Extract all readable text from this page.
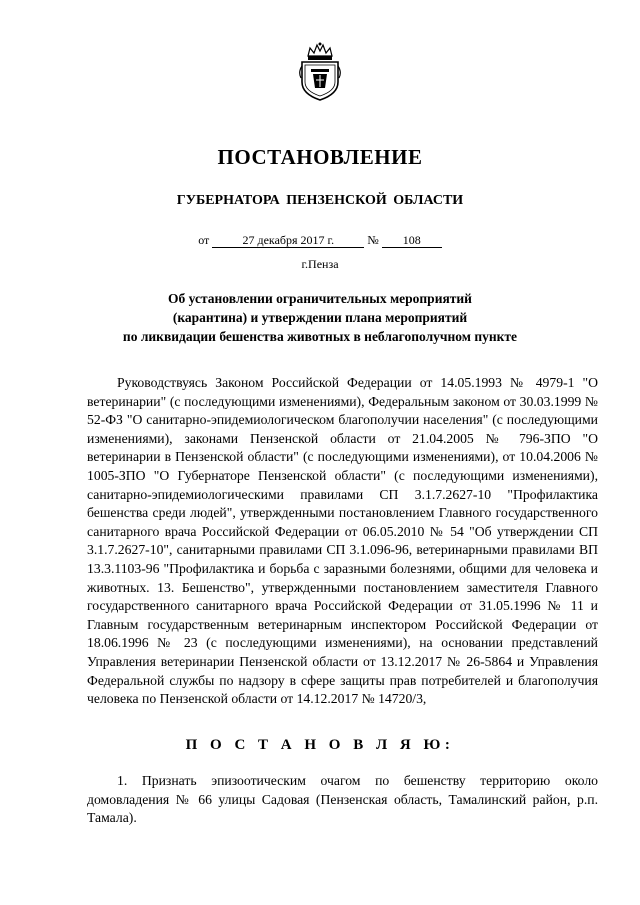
ПОСТАНОВЛЕНИЕ
ГУБЕРНАТОРА ПЕНЗЕНСКОЙ ОБЛАСТИ
от	27 декабря 2017 г.	№ 108
г.Пенза
Об установлении ограничительных мероприятий
(карантина) и утверждении плана мероприятий
по ликвидации бешенства животных в неблагополучном пункте

Руководствуясь Законом Российской Федерации от 14.05.1993 № 4979-1 "О ветеринарии" (с последующими изменениями), Федеральным законом от 30.03.1999 № 52-ФЗ "О санитарно-эпидемиологическом благополучии населения" (с последующими изменениями), законами Пензенской области от 21.04.2005 № 796-ЗПО "О ветеринарии в Пензенской области" (с последующими изменениями), от 10.04.2006 № 1005-ЗПО "О Губернаторе Пензенской области" (с последующими изменениями), санитарно-эпидемиологическими правилами СП 3.1.7.2627-10 "Профилактика бешенства среди людей", утвержденными постановлением Главного государственного санитарного врача Российской Федерации от 06.05.2010 № 54 "Об утверждении СП 3.1.7.2627-10", санитарными правилами СП 3.1.096-96, ветеринарными правилами ВП 13.3.1103-96 "Профилактика и борьба с заразными болезнями, общими для человека и животных. 13. Бешенство", утвержденными постановлением заместителя Главного государственного санитарного врача Российской Федерации от 31.05.1996 № 11 и Главным государственным ветеринарным инспектором Российской Федерации от 18.06.1996 № 23 (с последующими изменениями), на основании представлений Управления ветеринарии Пензенской области от 13.12.2017 № 26-5864 и Управления Федеральной службы по надзору в сфере защиты прав потребителей и благополучия человека по Пензенской области от 14.12.2017 № 14720/3,

П О С Т А Н О В Л Я Ю:

1. Признать эпизоотическим очагом по бешенству территорию около домовладения № 66 улицы Садовая (Пензенская область, Тамалинский район, р.п. Тамала).
